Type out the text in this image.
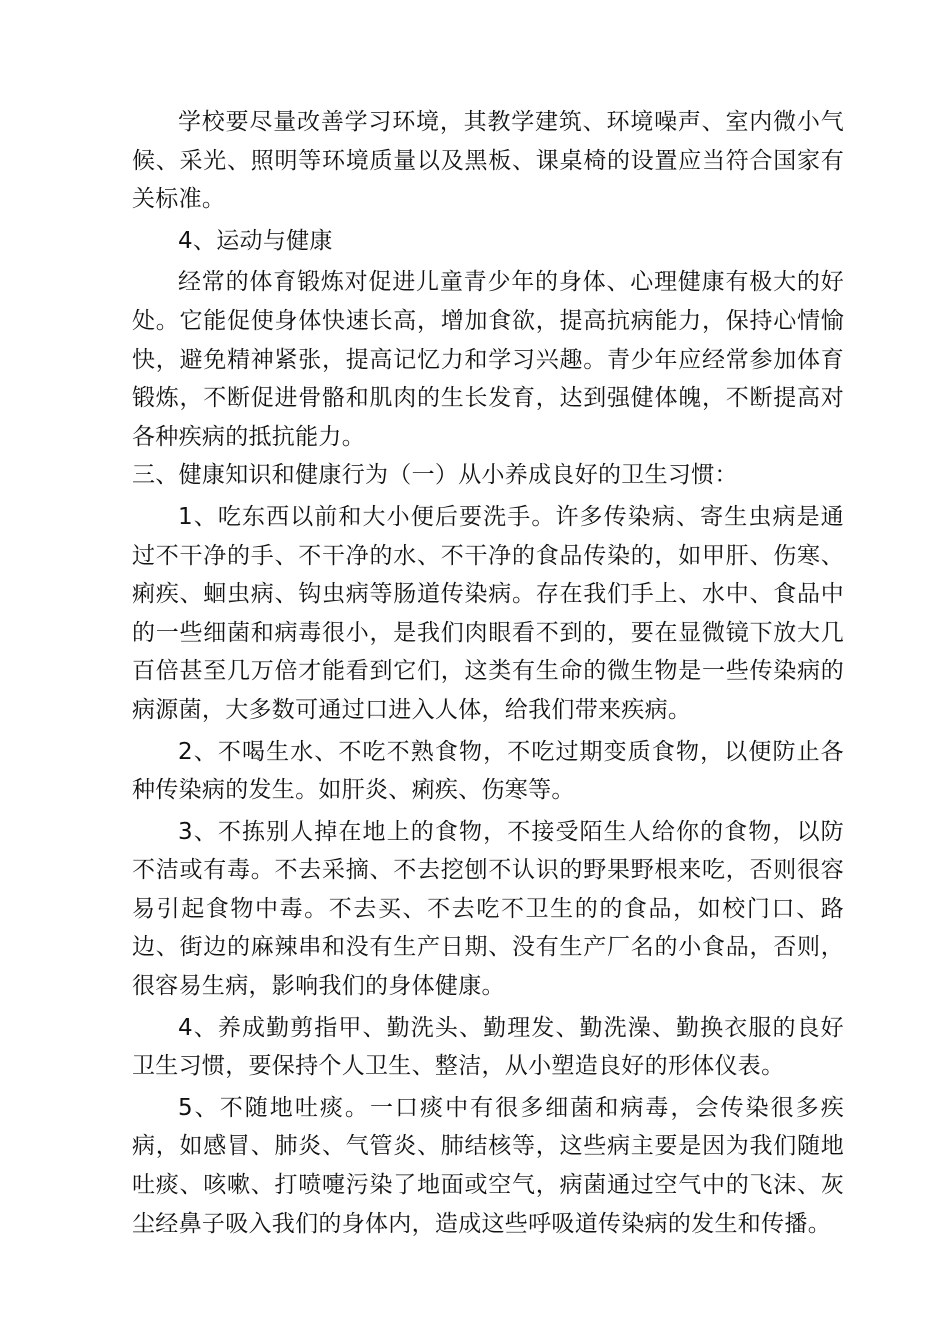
学校要尽量改善学习环境，其教学建筑、环境噪声、室内微小气候、采光、照明等环境质量以及黑板、课桌椅的设置应当符合国家有关标准。

4、运动与健康

经常的体育锻炼对促进儿童青少年的身体、心理健康有极大的好处。它能促使身体快速长高，增加食欲，提高抗病能力，保持心情愉快，避免精神紧张，提高记忆力和学习兴趣。青少年应经常参加体育锻炼，不断促进骨骼和肌肉的生长发育，达到强健体魄，不断提高对各种疾病的抵抗能力。

三、健康知识和健康行为（一）从小养成良好的卫生习惯：

1、吃东西以前和大小便后要洗手。许多传染病、寄生虫病是通过不干净的手、不干净的水、不干净的食品传染的，如甲肝、伤寒、痢疾、蛔虫病、钩虫病等肠道传染病。存在我们手上、水中、食品中的一些细菌和病毒很小，是我们肉眼看不到的，要在显微镜下放大几百倍甚至几万倍才能看到它们，这类有生命的微生物是一些传染病的病源菌，大多数可通过口进入人体，给我们带来疾病。

2、不喝生水、不吃不熟食物，不吃过期变质食物，以便防止各种传染病的发生。如肝炎、痢疾、伤寒等。

3、不拣别人掉在地上的食物，不接受陌生人给你的食物，以防不洁或有毒。不去采摘、不去挖刨不认识的野果野根来吃，否则很容易引起食物中毒。不去买、不去吃不卫生的的食品，如校门口、路边、街边的麻辣串和没有生产日期、没有生产厂名的小食品，否则，很容易生病，影响我们的身体健康。

4、养成勤剪指甲、勤洗头、勤理发、勤洗澡、勤换衣服的良好卫生习惯，要保持个人卫生、整洁，从小塑造良好的形体仪表。

5、不随地吐痰。一口痰中有很多细菌和病毒，会传染很多疾病，如感冒、肺炎、气管炎、肺结核等，这些病主要是因为我们随地吐痰、咳嗽、打喷嚏污染了地面或空气，病菌通过空气中的飞沫、灰尘经鼻子吸入我们的身体内，造成这些呼吸道传染病的发生和传播。
